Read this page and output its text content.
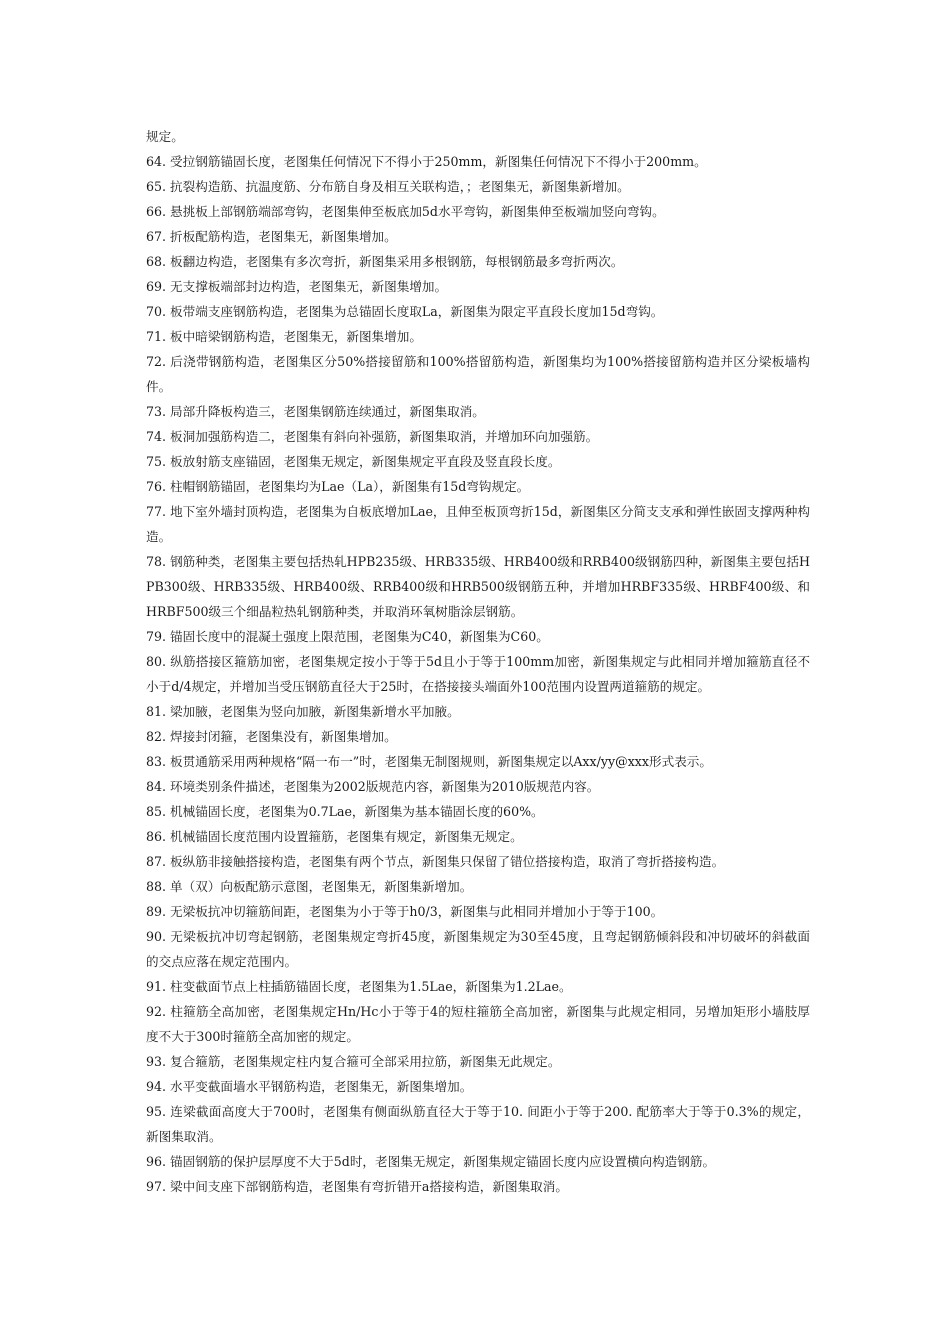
规定。

64. 受拉钢筋锚固长度，老图集任何情况下不得小于250mm，新图集任何情况下不得小于200mm。

65. 抗裂构造筋、抗温度筋、分布筋自身及相互关联构造，；老图集无，新图集新增加。

66. 悬挑板上部钢筋端部弯钩，老图集伸至板底加5d水平弯钩，新图集伸至板端加竖向弯钩。

67. 折板配筋构造，老图集无，新图集增加。

68. 板翻边构造，老图集有多次弯折，新图集采用多根钢筋，每根钢筋最多弯折两次。

69. 无支撑板端部封边构造，老图集无，新图集增加。

70. 板带端支座钢筋构造，老图集为总锚固长度取La，新图集为限定平直段长度加15d弯钩。

71. 板中暗梁钢筋构造，老图集无，新图集增加。

72. 后浇带钢筋构造，老图集区分50%搭接留筋和100%搭留筋构造，新图集均为100%搭接留筋构造并区分梁板墙构件。

73. 局部升降板构造三，老图集钢筋连续通过，新图集取消。

74. 板洞加强筋构造二，老图集有斜向补强筋，新图集取消，并增加环向加强筋。

75. 板放射筋支座锚固，老图集无规定，新图集规定平直段及竖直段长度。

76. 柱帽钢筋锚固，老图集均为Lae（La），新图集有15d弯钩规定。

77. 地下室外墙封顶构造，老图集为自板底增加Lae，且伸至板顶弯折15d，新图集区分简支支承和弹性嵌固支撑两种构造。

78. 钢筋种类，老图集主要包括热轧HPB235级、HRB335级、HRB400级和RRB400级钢筋四种，新图集主要包括HPB300级、HRB335级、HRB400级、RRB400级和HRB500级钢筋五种，并增加HRBF335级、HRBF400级、和HRBF500级三个细晶粒热轧钢筋种类，并取消环氧树脂涂层钢筋。

79. 锚固长度中的混凝土强度上限范围，老图集为C40，新图集为C60。

80. 纵筋搭接区箍筋加密，老图集规定按小于等于5d且小于等于100mm加密，新图集规定与此相同并增加箍筋直径不小于d/4规定，并增加当受压钢筋直径大于25时，在搭接接头端面外100范围内设置两道箍筋的规定。

81. 梁加腋，老图集为竖向加腋，新图集新增水平加腋。

82. 焊接封闭箍，老图集没有，新图集增加。

83. 板贯通筋采用两种规格“隔一布一”时，老图集无制图规则，新图集规定以Axx/yy@xxx形式表示。

84. 环境类别条件描述，老图集为2002版规范内容，新图集为2010版规范内容。

85. 机械锚固长度，老图集为0.7Lae，新图集为基本锚固长度的60%。

86. 机械锚固长度范围内设置箍筋，老图集有规定，新图集无规定。

87. 板纵筋非接触搭接构造，老图集有两个节点，新图集只保留了错位搭接构造，取消了弯折搭接构造。

88. 单（双）向板配筋示意图，老图集无，新图集新增加。

89. 无梁板抗冲切箍筋间距，老图集为小于等于h0/3，新图集与此相同并增加小于等于100。

90. 无梁板抗冲切弯起钢筋，老图集规定弯折45度，新图集规定为30至45度，且弯起钢筋倾斜段和冲切破坏的斜截面的交点应落在规定范围内。

91. 柱变截面节点上柱插筋锚固长度，老图集为1.5Lae，新图集为1.2Lae。

92. 柱箍筋全高加密，老图集规定Hn/Hc小于等于4的短柱箍筋全高加密，新图集与此规定相同，另增加矩形小墙肢厚度不大于300时箍筋全高加密的规定。

93. 复合箍筋，老图集规定柱内复合箍可全部采用拉筋，新图集无此规定。

94. 水平变截面墙水平钢筋构造，老图集无，新图集增加。

95. 连梁截面高度大于700时，老图集有侧面纵筋直径大于等于10. 间距小于等于200. 配筋率大于等于0.3%的规定，新图集取消。

96. 锚固钢筋的保护层厚度不大于5d时，老图集无规定，新图集规定锚固长度内应设置横向构造钢筋。

97. 梁中间支座下部钢筋构造，老图集有弯折错开a搭接构造，新图集取消。
